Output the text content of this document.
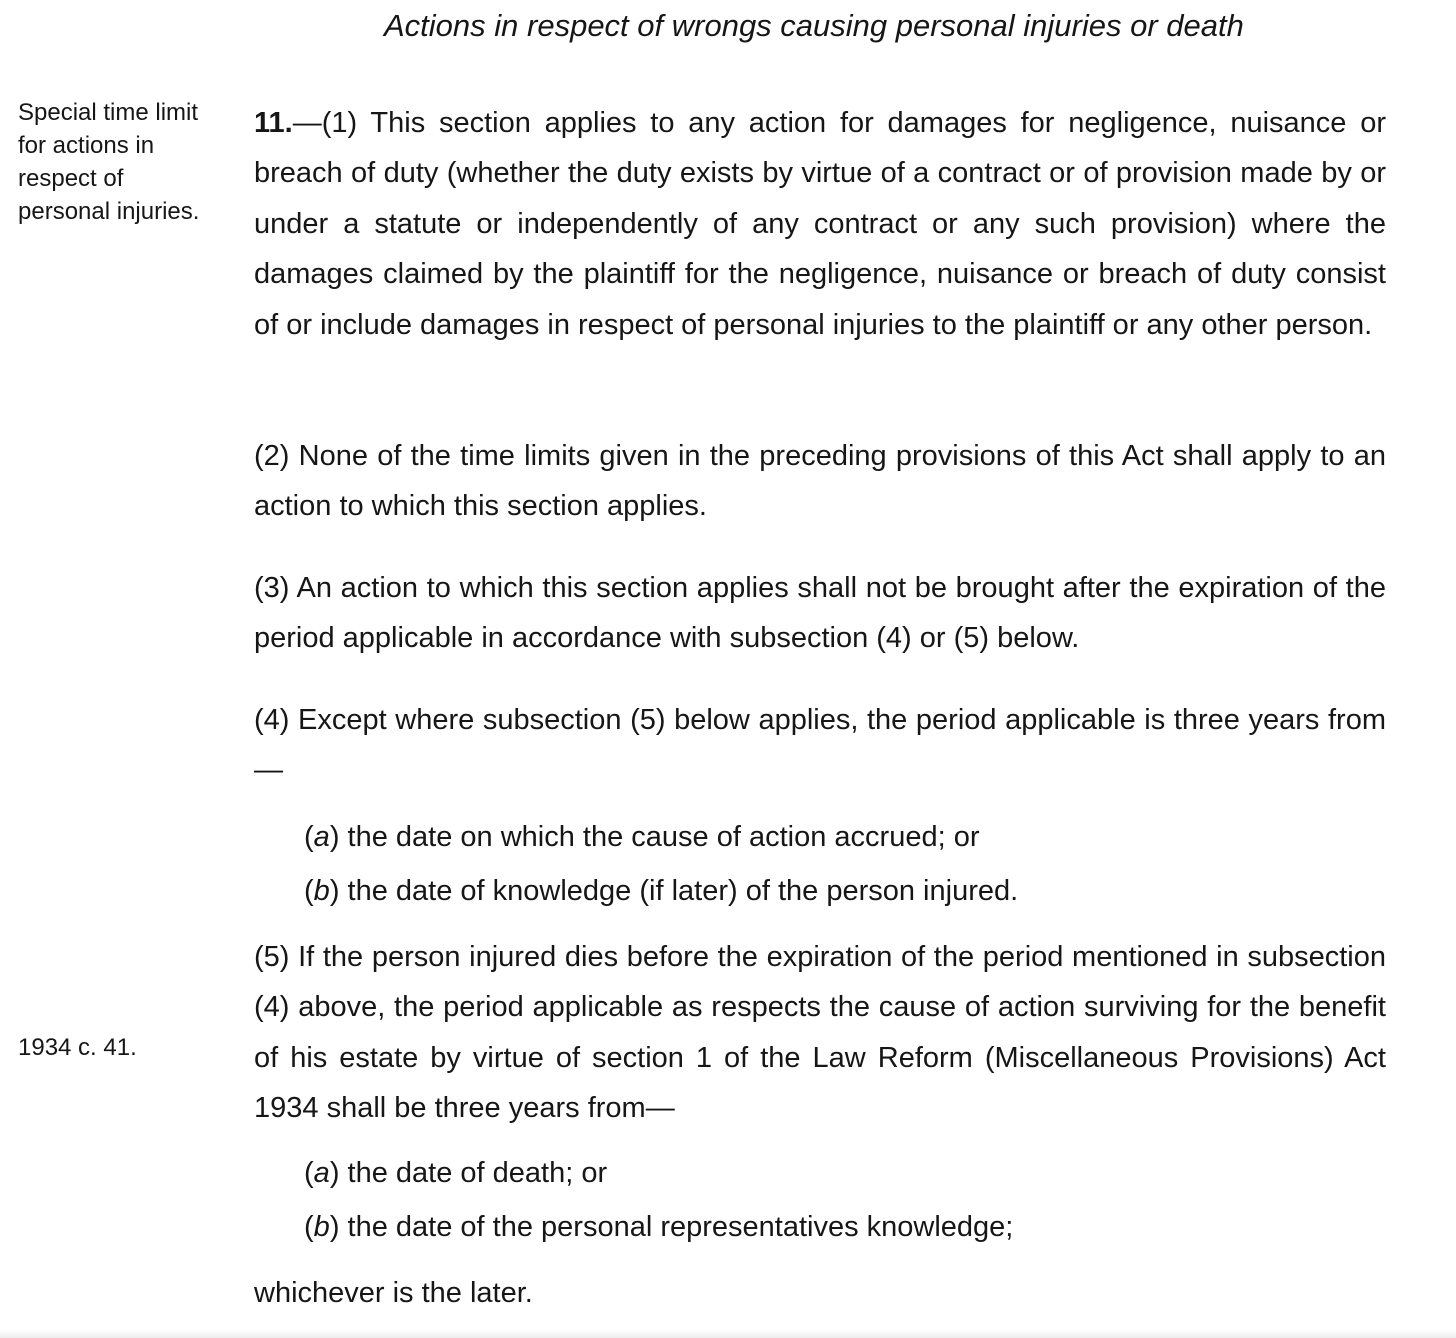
Actions in respect of wrongs causing personal injuries or death
Special time limit
for actions in
respect of
personal injuries.
1934 c. 41.

11.—(1) This section applies to any action for damages for negligence, nuisance or breach of duty (whether the duty exists by virtue of a contract or of provision made by or under a statute or independently of any contract or any such provision) where the damages claimed by the plaintiff for the negligence, nuisance or breach of duty consist of or include damages in respect of personal injuries to the plaintiff or any other person.

(2) None of the time limits given in the preceding provisions of this Act shall apply to an action to which this section applies.

(3) An action to which this section applies shall not be brought after the expiration of the period applicable in accordance with subsection (4) or (5) below.

(4) Except where subsection (5) below applies, the period applicable is three years from—

(a) the date on which the cause of action accrued; or

(b) the date of knowledge (if later) of the person injured.

(5) If the person injured dies before the expiration of the period mentioned in subsection (4) above, the period applicable as respects the cause of action surviving for the benefit of his estate by virtue of section 1 of the Law Reform (Miscellaneous Provisions) Act 1934 shall be three years from—

(a) the date of death; or

(b) the date of the personal representatives knowledge;

whichever is the later.
